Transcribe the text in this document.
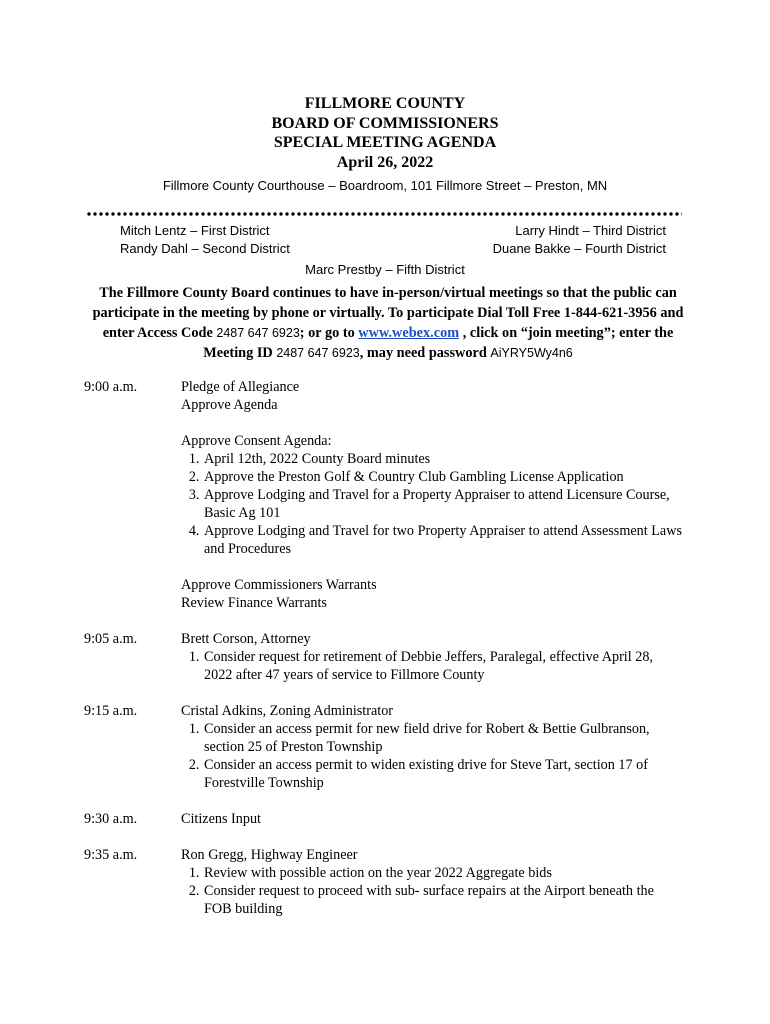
FILLMORE COUNTY
BOARD OF COMMISSIONERS
SPECIAL MEETING AGENDA
April 26, 2022
Fillmore County Courthouse – Boardroom, 101 Fillmore Street – Preston, MN
Mitch Lentz – First District
Randy Dahl – Second District
Larry Hindt – Third District
Duane Bakke – Fourth District
Marc Prestby – Fifth District
The Fillmore County Board continues to have in-person/virtual meetings so that the public can participate in the meeting by phone or virtually. To participate Dial Toll Free 1-844-621-3956 and enter Access Code 2487 647 6923; or go to www.webex.com , click on “join meeting”; enter the Meeting ID 2487 647 6923, may need password AiYRY5Wy4n6
9:00 a.m.	Pledge of Allegiance
Approve Agenda
Approve Consent Agenda:
1. April 12th, 2022 County Board minutes
2. Approve the Preston Golf & Country Club Gambling License Application
3. Approve Lodging and Travel for a Property Appraiser to attend Licensure Course, Basic Ag 101
4. Approve Lodging and Travel for two Property Appraiser to attend Assessment Laws and Procedures
Approve Commissioners Warrants
Review Finance Warrants
9:05 a.m.	Brett Corson, Attorney
1. Consider request for retirement of Debbie Jeffers, Paralegal, effective April 28, 2022 after 47 years of service to Fillmore County
9:15 a.m.	Cristal Adkins, Zoning Administrator
1. Consider an access permit for new field drive for Robert & Bettie Gulbranson, section 25 of Preston Township
2. Consider an access permit to widen existing drive for Steve Tart, section 17 of Forestville Township
9:30 a.m.	Citizens Input
9:35 a.m.	Ron Gregg, Highway Engineer
1. Review with possible action on the year 2022 Aggregate bids
2. Consider request to proceed with sub- surface repairs at the Airport beneath the FOB building
